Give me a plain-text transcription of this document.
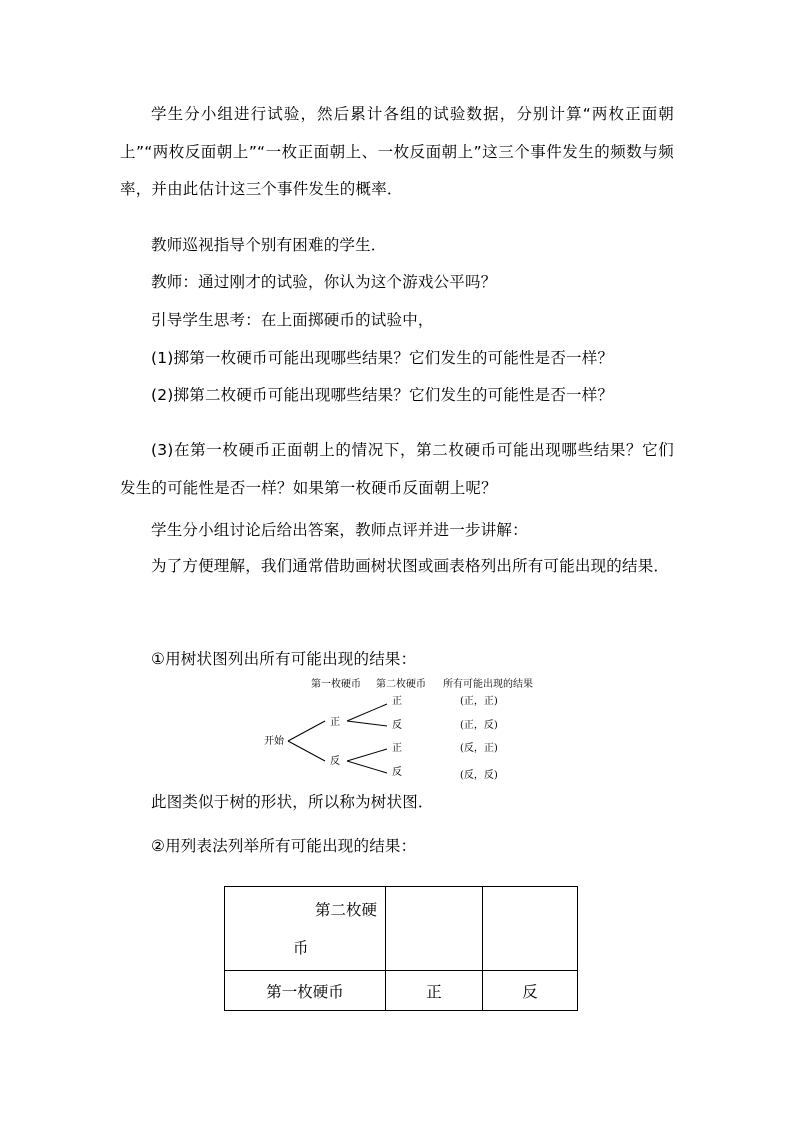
学生分小组进行试验，然后累计各组的试验数据，分别计算“两枚正面朝上”“两枚反面朝上”“一枚正面朝上、一枚反面朝上”这三个事件发生的频数与频率，并由此估计这三个事件发生的概率．

教师巡视指导个别有困难的学生．

教师：通过刚才的试验，你认为这个游戏公平吗？

引导学生思考：在上面掷硬币的试验中，

(1)掷第一枚硬币可能出现哪些结果？它们发生的可能性是否一样？

(2)掷第二枚硬币可能出现哪些结果？它们发生的可能性是否一样？

(3)在第一枚硬币正面朝上的情况下，第二枚硬币可能出现哪些结果？它们发生的可能性是否一样？如果第一枚硬币反面朝上呢？

学生分小组讨论后给出答案，教师点评并进一步讲解：

为了方便理解，我们通常借助画树状图或画表格列出所有可能出现的结果．

①用树状图列出所有可能出现的结果：

第一枚硬币 第二枚硬币 所有可能出现的结果
开始
正
反
正
反
正
反
(正，正)
(正，反)
(反，正)
(反，反)

此图类似于树的形状，所以称为树状图．

②用列表法列举所有可能出现的结果：

第二枚硬
币		

第一枚硬币	正	反
